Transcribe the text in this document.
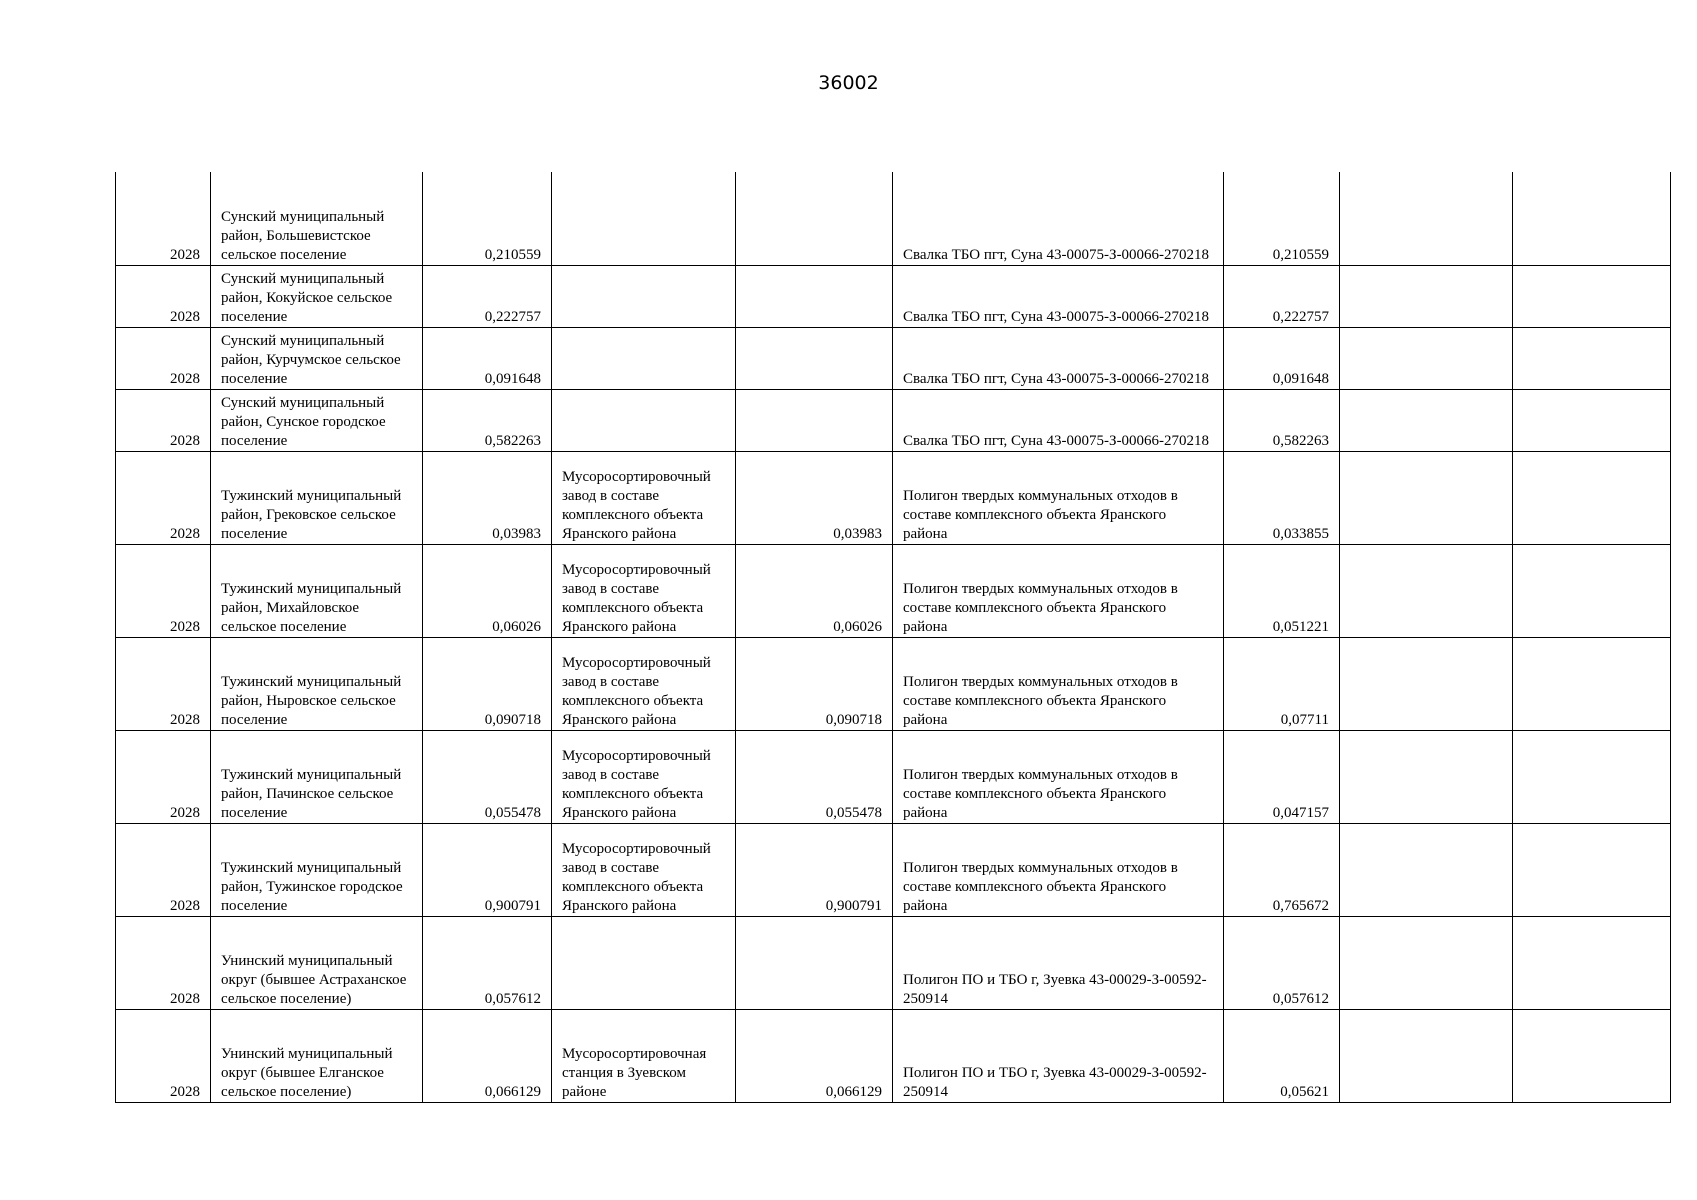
36002
2028	Сунский муниципальный район, Большевистское сельское поселение	0,210559			Свалка ТБО пгт, Суна 43-00075-З-00066-270218	0,210559		
2028	Сунский муниципальный район, Кокуйское сельское поселение	0,222757			Свалка ТБО пгт, Суна 43-00075-З-00066-270218	0,222757		
2028	Сунский муниципальный район, Курчумское сельское поселение	0,091648			Свалка ТБО пгт, Суна 43-00075-З-00066-270218	0,091648		
2028	Сунский муниципальный район, Сунское городское поселение	0,582263			Свалка ТБО пгт, Суна 43-00075-З-00066-270218	0,582263		
2028	Тужинский муниципальный район, Грековское сельское поселение	0,03983	Мусоросортировочный завод в составе комплексного объекта Яранского района	0,03983	Полигон твердых коммунальных отходов в составе комплексного объекта Яранского района	0,033855		
2028	Тужинский муниципальный район, Михайловское сельское поселение	0,06026	Мусоросортировочный завод в составе комплексного объекта Яранского района	0,06026	Полигон твердых коммунальных отходов в составе комплексного объекта Яранского района	0,051221		
2028	Тужинский муниципальный район, Ныровское сельское поселение	0,090718	Мусоросортировочный завод в составе комплексного объекта Яранского района	0,090718	Полигон твердых коммунальных отходов в составе комплексного объекта Яранского района	0,07711		
2028	Тужинский муниципальный район, Пачинское сельское поселение	0,055478	Мусоросортировочный завод в составе комплексного объекта Яранского района	0,055478	Полигон твердых коммунальных отходов в составе комплексного объекта Яранского района	0,047157		
2028	Тужинский муниципальный район, Тужинское городское поселение	0,900791	Мусоросортировочный завод в составе комплексного объекта Яранского района	0,900791	Полигон твердых коммунальных отходов в составе комплексного объекта Яранского района	0,765672		
2028	Унинский муниципальный округ (бывшее Астраханское сельское поселение)	0,057612			Полигон ПО и ТБО г, Зуевка 43-00029-З-00592-250914	0,057612		
2028	Унинский муниципальный округ (бывшее Елганское сельское поселение)	0,066129	Мусоросортировочная станция в Зуевском районе	0,066129	Полигон ПО и ТБО г, Зуевка 43-00029-З-00592-250914	0,05621		
